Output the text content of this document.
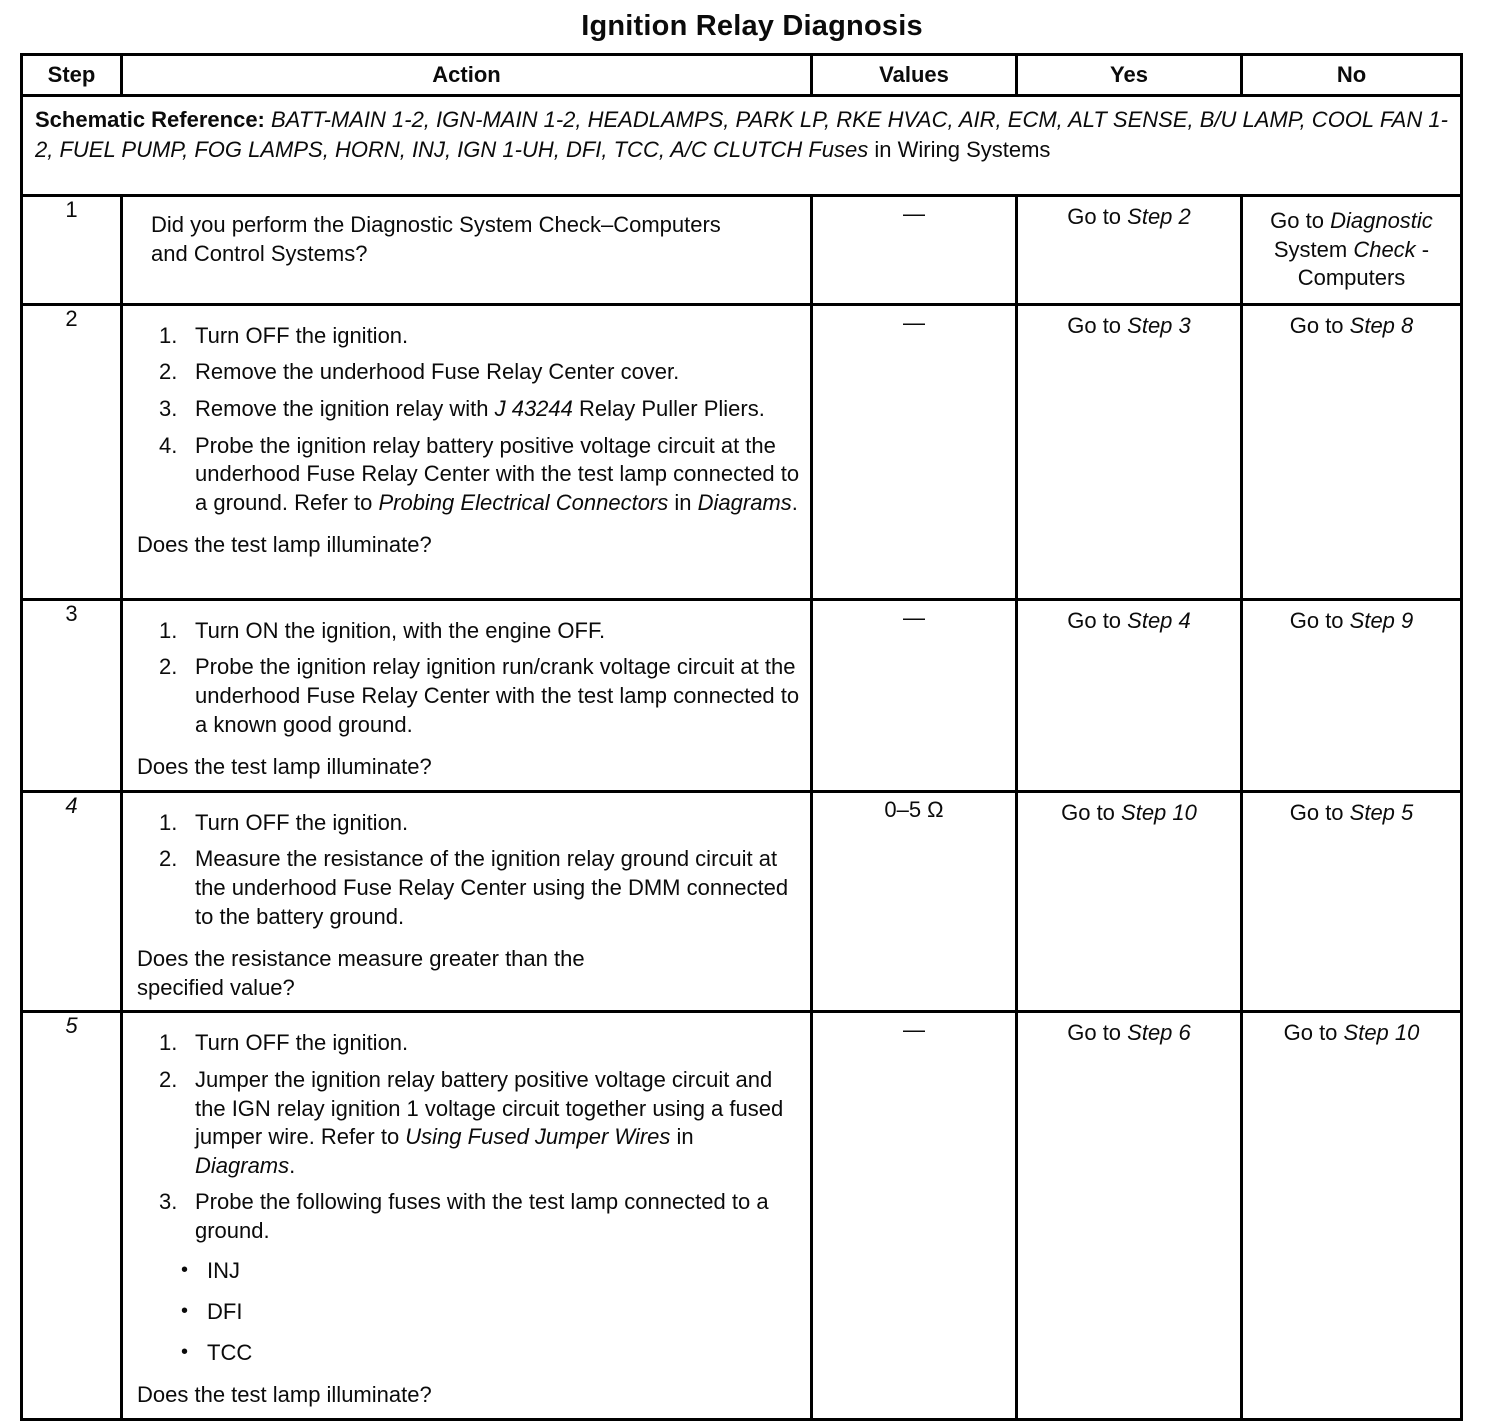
Ignition Relay Diagnosis
Step	Action	Values	Yes	No
Schematic Reference: BATT-MAIN 1-2, IGN-MAIN 1-2, HEADLAMPS, PARK LP, RKE HVAC, AIR, ECM, ALT SENSE, B/U LAMP, COOL FAN 1-2, FUEL PUMP, FOG LAMPS, HORN, INJ, IGN 1-UH, DFI, TCC, A/C CLUTCH Fuses in Wiring Systems				
1	Did you perform the Diagnostic System Check–Computers and Control Systems?	—	Go to Step 2	Go to Diagnostic System Check - Computers
2	
1. Turn OFF the ignition.
2. Remove the underhood Fuse Relay Center cover.
3. Remove the ignition relay with J 43244 Relay Puller Pliers.
4. Probe the ignition relay battery positive voltage circuit at the underhood Fuse Relay Center with the test lamp connected to a ground. Refer to Probing Electrical Connectors in Diagrams.
Does the test lamp illuminate?
	—	Go to Step 3	Go to Step 8
3	1. Turn ON the ignition, with the engine OFF.
2. Probe the ignition relay ignition run/crank voltage circuit at the underhood Fuse Relay Center with the test lamp connected to a known good ground.
Does the test lamp illuminate?	—	Go to Step 4	Go to Step 9
4	1. Turn OFF the ignition.
2. Measure the resistance of the ignition relay ground circuit at the underhood Fuse Relay Center using the DMM connected to the battery ground.
Does the resistance measure greater than the specified value?	0–5 Ω	Go to Step 10	Go to Step 5
5	
1. Turn OFF the ignition.
2. Jumper the ignition relay battery positive voltage circuit and the IGN relay ignition 1 voltage circuit together using a fused jumper wire. Refer to Using Fused Jumper Wires in Diagrams.
3. Probe the following fuses with the test lamp connected to a ground.
• INJ
• DFI
• TCC
Does the test lamp illuminate?
	—	Go to Step 6	Go to Step 10
